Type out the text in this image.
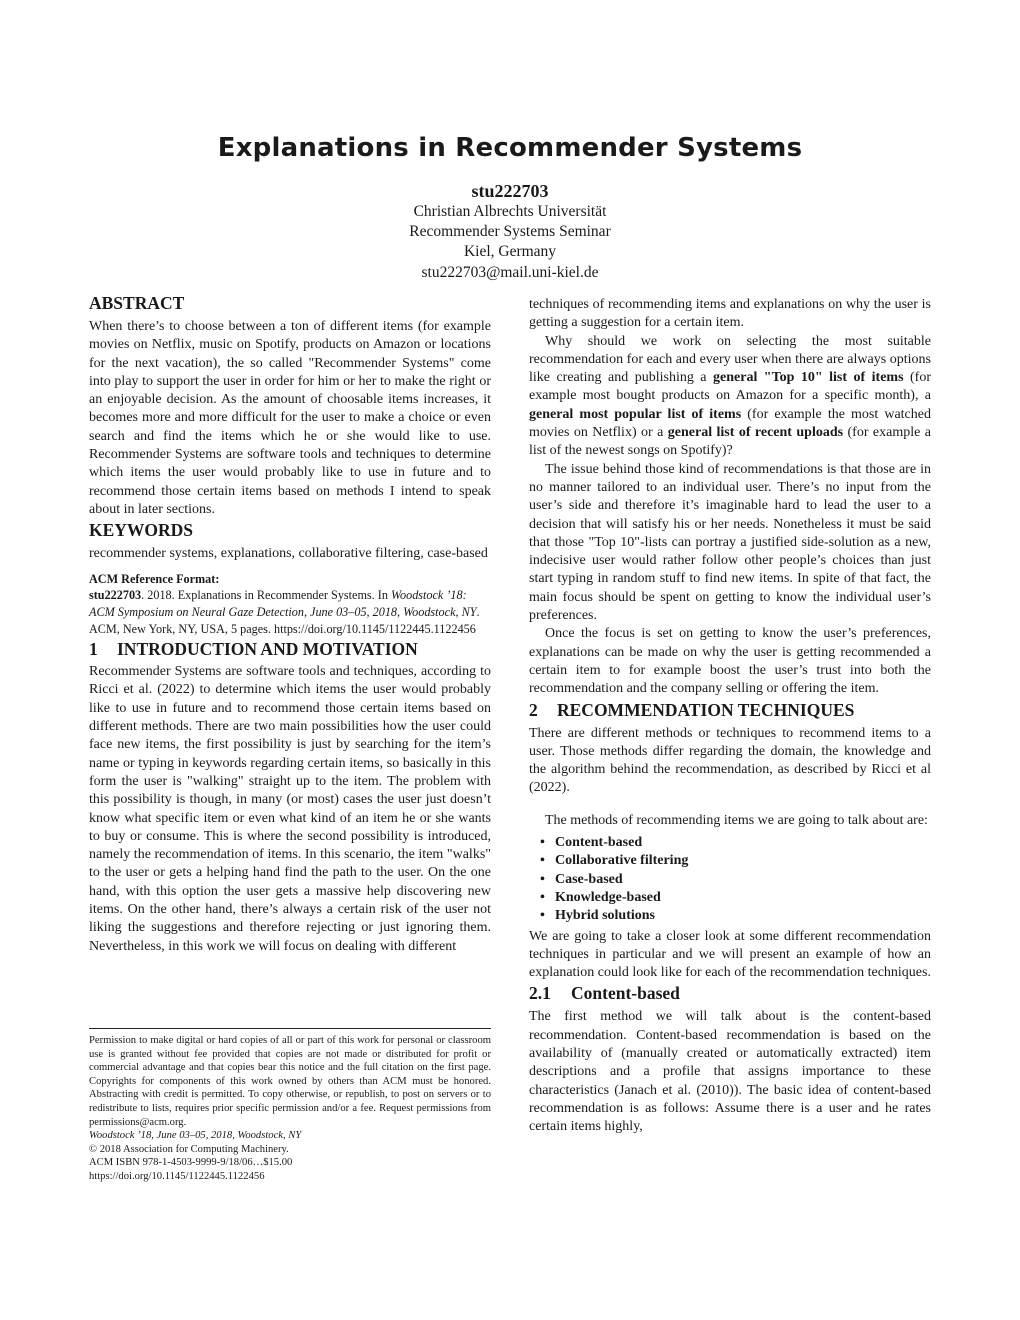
Explanations in Recommender Systems
stu222703
Christian Albrechts Universität
Recommender Systems Seminar
Kiel, Germany
stu222703@mail.uni-kiel.de
ABSTRACT

When there’s to choose between a ton of different items (for example movies on Netflix, music on Spotify, products on Amazon or locations for the next vacation), the so called "Recommender Systems" come into play to support the user in order for him or her to make the right or an enjoyable decision. As the amount of choosable items increases, it becomes more and more difficult for the user to make a choice or even search and find the items which he or she would like to use. Recommender Systems are software tools and techniques to determine which items the user would probably like to use in future and to recommend those certain items based on methods I intend to speak about in later sections.

KEYWORDS

recommender systems, explanations, collaborative filtering, case-based

ACM Reference Format:

stu222703. 2018. Explanations in Recommender Systems. In Woodstock ’18: ACM Symposium on Neural Gaze Detection, June 03–05, 2018, Woodstock, NY. ACM, New York, NY, USA, 5 pages. https://doi.org/10.1145/1122445.1122456

1 INTRODUCTION AND MOTIVATION

Recommender Systems are software tools and techniques, according to Ricci et al. (2022) to determine which items the user would probably like to use in future and to recommend those certain items based on different methods. There are two main possibilities how the user could face new items, the first possibility is just by searching for the item’s name or typing in keywords regarding certain items, so basically in this form the user is "walking" straight up to the item. The problem with this possibility is though, in many (or most) cases the user just doesn’t know what specific item or even what kind of an item he or she wants to buy or consume. This is where the second possibility is introduced, namely the recommendation of items. In this scenario, the item "walks" to the user or gets a helping hand find the path to the user. On the one hand, with this option the user gets a massive help discovering new items. On the other hand, there’s always a certain risk of the user not liking the suggestions and therefore rejecting or just ignoring them. Nevertheless, in this work we will focus on dealing with different

Permission to make digital or hard copies of all or part of this work for personal or classroom use is granted without fee provided that copies are not made or distributed for profit or commercial advantage and that copies bear this notice and the full citation on the first page. Copyrights for components of this work owned by others than ACM must be honored. Abstracting with credit is permitted. To copy otherwise, or republish, to post on servers or to redistribute to lists, requires prior specific permission and/or a fee. Request permissions from permissions@acm.org.

Woodstock ’18, June 03–05, 2018, Woodstock, NY

© 2018 Association for Computing Machinery.

ACM ISBN 978-1-4503-9999-9/18/06…$15.00

https://doi.org/10.1145/1122445.1122456

techniques of recommending items and explanations on why the user is getting a suggestion for a certain item.

Why should we work on selecting the most suitable recommendation for each and every user when there are always options like creating and publishing a general "Top 10" list of items (for example most bought products on Amazon for a specific month), a general most popular list of items (for example the most watched movies on Netflix) or a general list of recent uploads (for example a list of the newest songs on Spotify)?

The issue behind those kind of recommendations is that those are in no manner tailored to an individual user. There’s no input from the user’s side and therefore it’s imaginable hard to lead the user to a decision that will satisfy his or her needs. Nonetheless it must be said that those "Top 10"-lists can portray a justified side-solution as a new, indecisive user would rather follow other people’s choices than just start typing in random stuff to find new items. In spite of that fact, the main focus should be spent on getting to know the individual user’s preferences.

Once the focus is set on getting to know the user’s preferences, explanations can be made on why the user is getting recommended a certain item to for example boost the user’s trust into both the recommendation and the company selling or offering the item.

2 RECOMMENDATION TECHNIQUES

There are different methods or techniques to recommend items to a user. Those methods differ regarding the domain, the knowledge and the algorithm behind the recommendation, as described by Ricci et al (2022).

The methods of recommending items we are going to talk about are:

• Content-based
• Collaborative filtering
• Case-based
• Knowledge-based
• Hybrid solutions

We are going to take a closer look at some different recommendation techniques in particular and we will present an example of how an explanation could look like for each of the recommendation techniques.

2.1 Content-based

The first method we will talk about is the content-based recommendation. Content-based recommendation is based on the availability of (manually created or automatically extracted) item descriptions and a profile that assigns importance to these characteristics (Janach et al. (2010)). The basic idea of content-based recommendation is as follows: Assume there is a user and he rates certain items highly,
